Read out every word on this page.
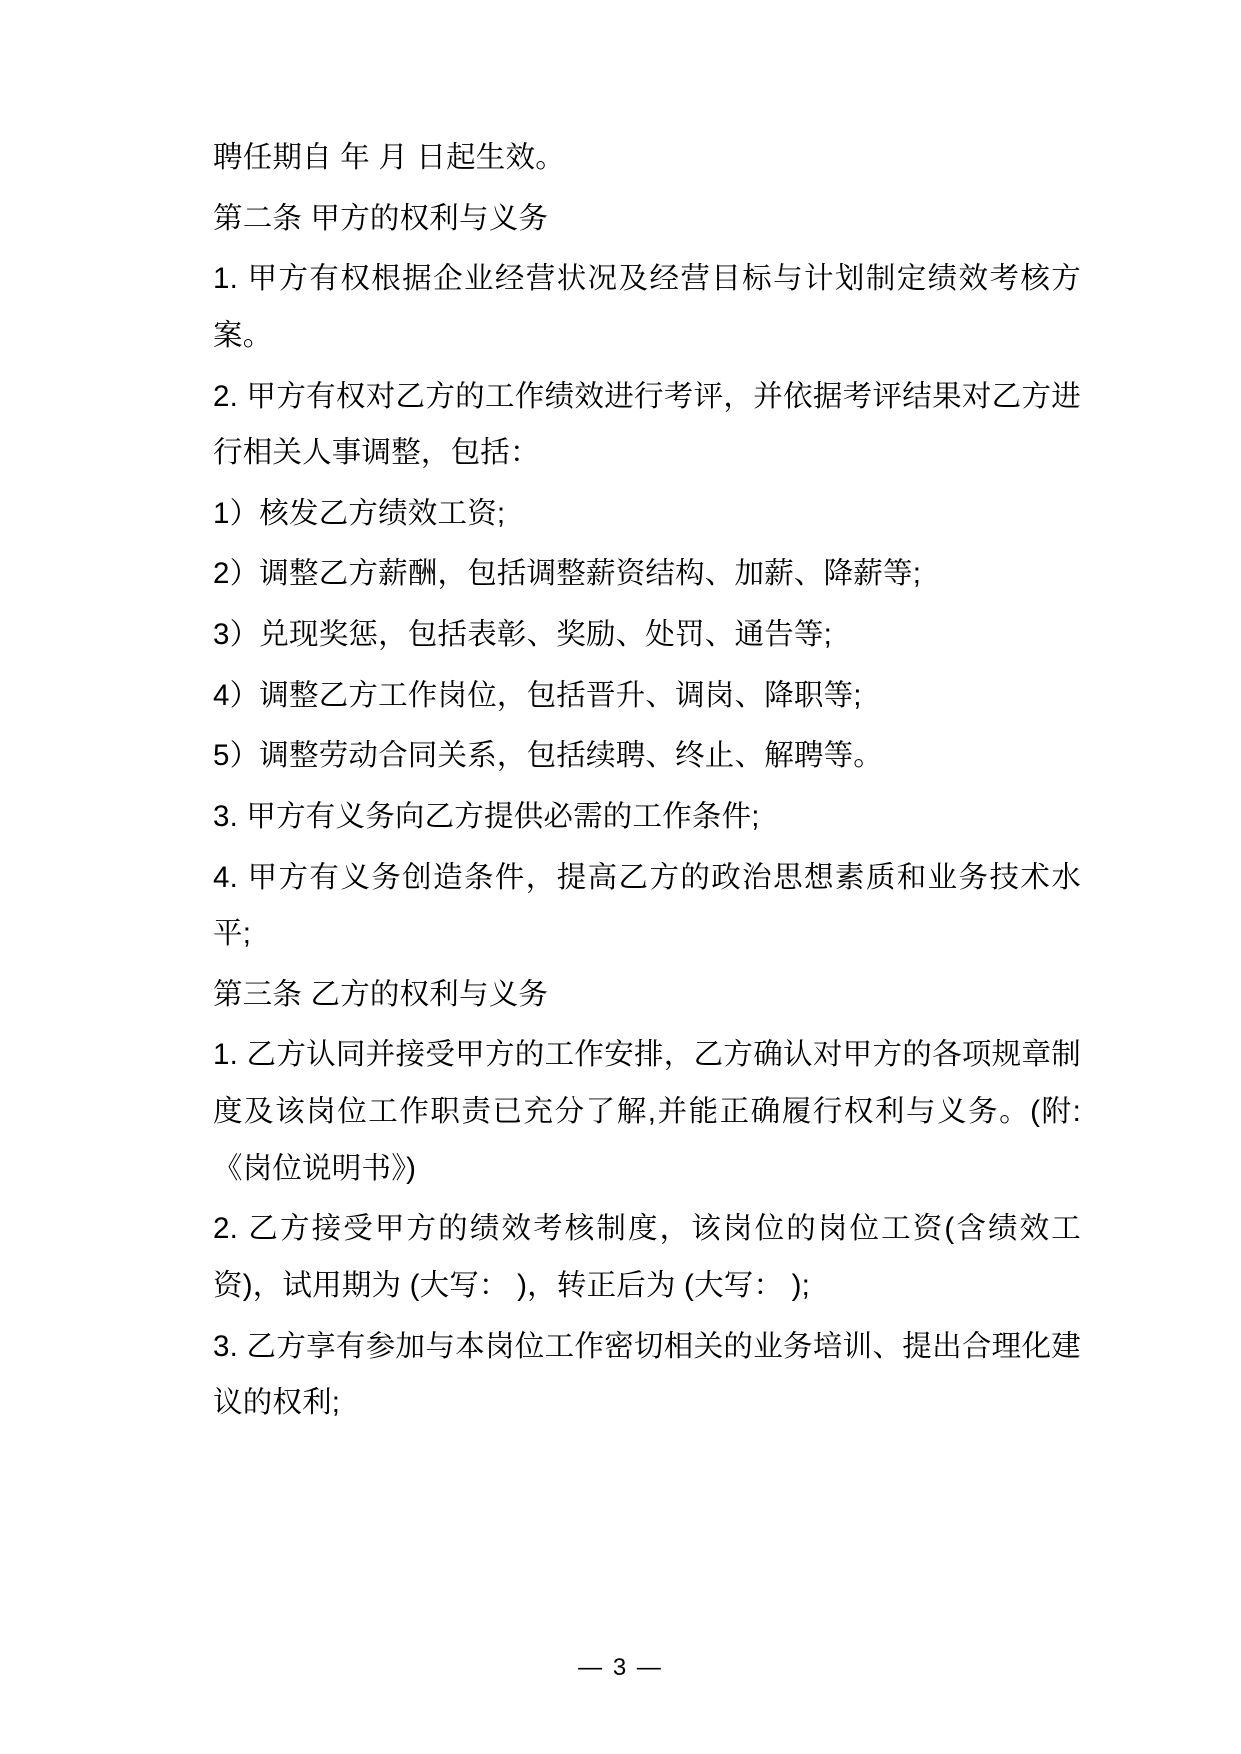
聘任期自 年 月 日起生效。

第二条 甲方的权利与义务

1. 甲方有权根据企业经营状况及经营目标与计划制定绩效考核方案。

2. 甲方有权对乙方的工作绩效进行考评，并依据考评结果对乙方进行相关人事调整，包括：

1）核发乙方绩效工资;

2）调整乙方薪酬，包括调整薪资结构、加薪、降薪等;

3）兑现奖惩，包括表彰、奖励、处罚、通告等;

4）调整乙方工作岗位，包括晋升、调岗、降职等;

5）调整劳动合同关系，包括续聘、终止、解聘等。

3. 甲方有义务向乙方提供必需的工作条件;

4. 甲方有义务创造条件，提高乙方的政治思想素质和业务技术水平;

第三条 乙方的权利与义务

1. 乙方认同并接受甲方的工作安排，乙方确认对甲方的各项规章制度及该岗位工作职责已充分了解,并能正确履行权利与义务。(附:《岗位说明书》)

2. 乙方接受甲方的绩效考核制度，该岗位的岗位工资(含绩效工资)，试用期为 (大写： )，转正后为 (大写： );

3. 乙方享有参加与本岗位工作密切相关的业务培训、提出合理化建议的权利;

— 3 —
